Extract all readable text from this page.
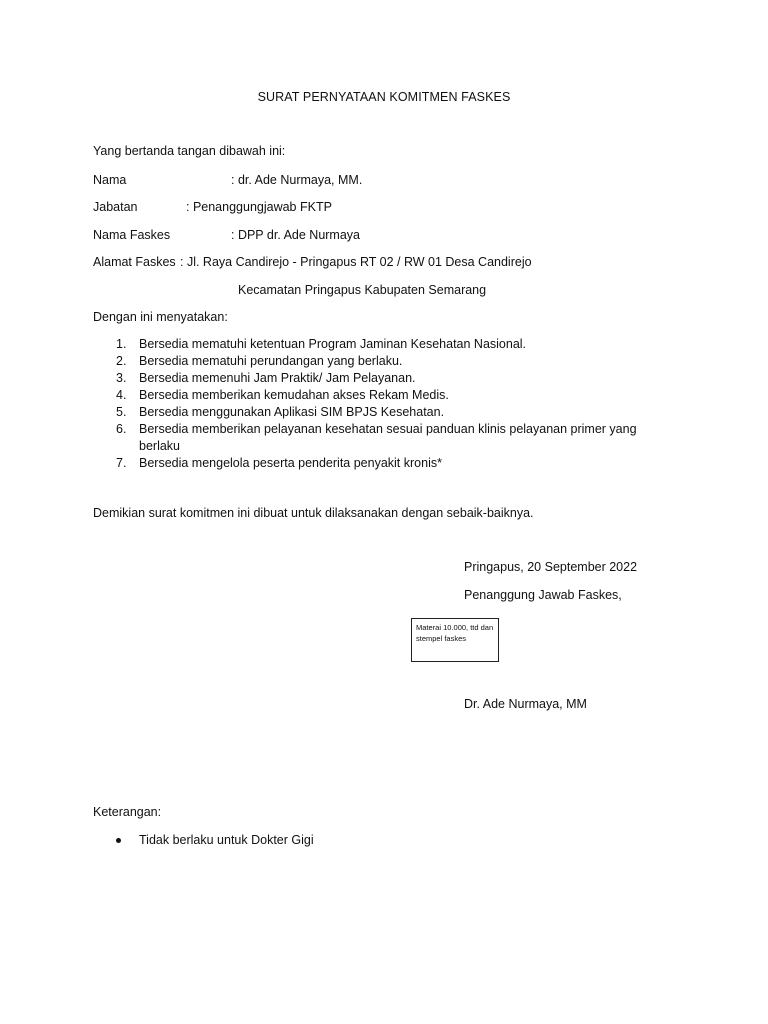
SURAT PERNYATAAN KOMITMEN FASKES
Yang bertanda tangan dibawah ini:
Nama	: dr. Ade Nurmaya, MM.
Jabatan	: Penanggungjawab FKTP
Nama Faskes	: DPP dr. Ade Nurmaya
Alamat Faskes : Jl. Raya Candirejo - Pringapus RT 02 / RW 01 Desa Candirejo
Kecamatan Pringapus Kabupaten Semarang
Dengan ini menyatakan:
1. Bersedia mematuhi ketentuan Program Jaminan Kesehatan Nasional.
2. Bersedia mematuhi perundangan yang berlaku.
3. Bersedia memenuhi Jam Praktik/ Jam Pelayanan.
4. Bersedia memberikan kemudahan akses Rekam Medis.
5. Bersedia menggunakan Aplikasi SIM BPJS Kesehatan.
6. Bersedia memberikan pelayanan kesehatan sesuai panduan klinis pelayanan primer yang berlaku
7. Bersedia mengelola peserta penderita penyakit kronis*
Demikian surat komitmen ini dibuat untuk dilaksanakan dengan sebaik-baiknya.
Pringapus, 20 September 2022
Penanggung Jawab Faskes,
Materai 10.000, ttd dan stempel faskes
Dr. Ade Nurmaya, MM
Keterangan:
Tidak berlaku untuk Dokter Gigi
